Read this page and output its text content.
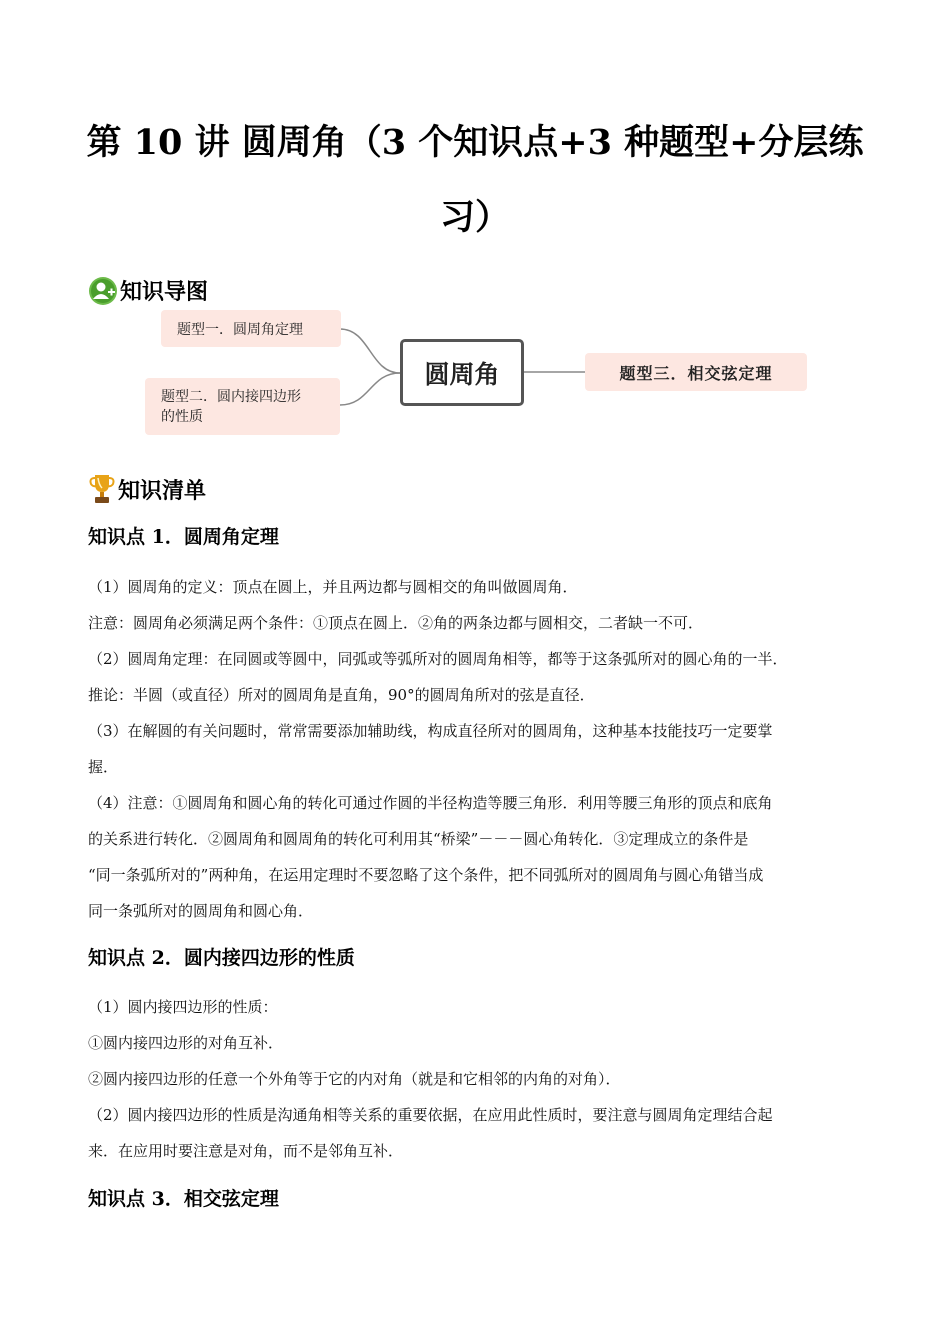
第 10 讲 圆周角（3 个知识点+3 种题型+分层练
习）
知识导图
题型一．圆周角定理
题型二．圆内接四边形
的性质
圆周角	题型三．相交弦定理
知识清单
知识点 1．圆周角定理
（1）圆周角的定义：顶点在圆上，并且两边都与圆相交的角叫做圆周角．
注意：圆周角必须满足两个条件：①顶点在圆上．②角的两条边都与圆相交，二者缺一不可．
（2）圆周角定理：在同圆或等圆中，同弧或等弧所对的圆周角相等，都等于这条弧所对的圆心角的一半．
推论：半圆（或直径）所对的圆周角是直角，90°的圆周角所对的弦是直径．
（3）在解圆的有关问题时，常常需要添加辅助线，构成直径所对的圆周角，这种基本技能技巧一定要掌
握．
（4）注意：①圆周角和圆心角的转化可通过作圆的半径构造等腰三角形．利用等腰三角形的顶点和底角
的关系进行转化．②圆周角和圆周角的转化可利用其“桥梁”－－－圆心角转化．③定理成立的条件是
“同一条弧所对的”两种角，在运用定理时不要忽略了这个条件，把不同弧所对的圆周角与圆心角错当成
同一条弧所对的圆周角和圆心角．
知识点 2．圆内接四边形的性质
（1）圆内接四边形的性质：
①圆内接四边形的对角互补．
②圆内接四边形的任意一个外角等于它的内对角（就是和它相邻的内角的对角）．
（2）圆内接四边形的性质是沟通角相等关系的重要依据，在应用此性质时，要注意与圆周角定理结合起
来．在应用时要注意是对角，而不是邻角互补．
知识点 3．相交弦定理
